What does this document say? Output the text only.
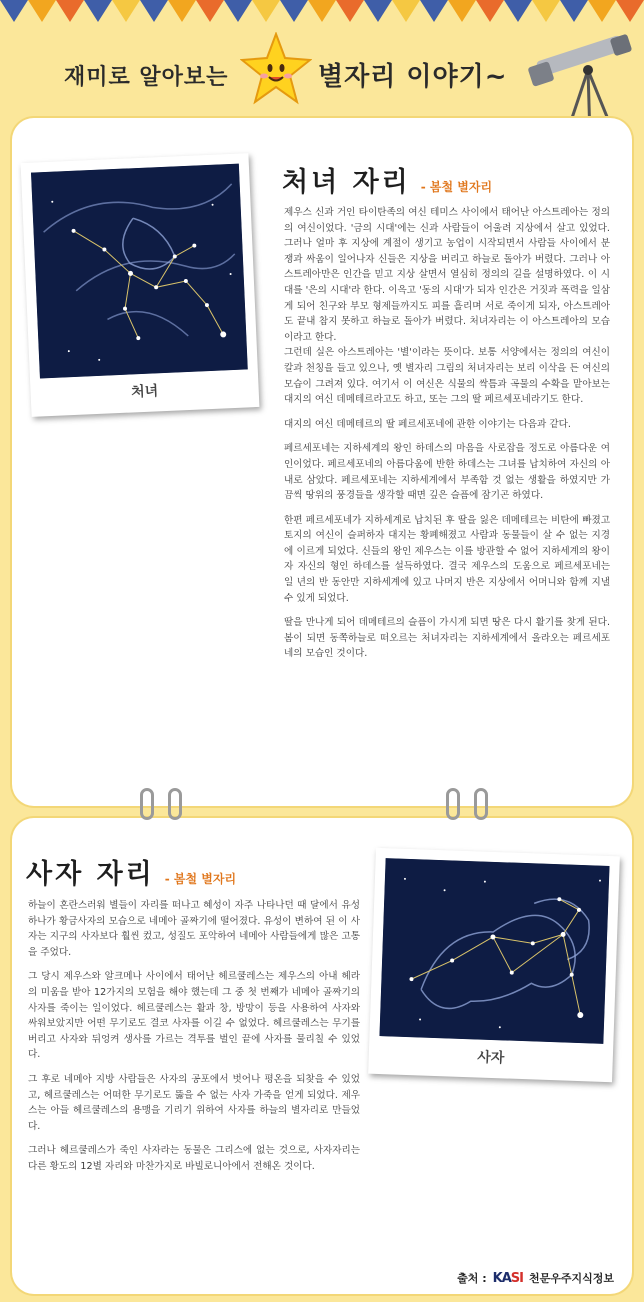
재미로 알아보는	별자리 이야기~
처녀
처녀 자리 - 봄철 별자리

제우스 신과 거인 타이탄족의 여신 테미스 사이에서 태어난 아스트레아는 정의의 여신이었다. '금의 시대'에는 신과 사람들이 어울려 지상에서 살고 있었다. 그러나 얼마 후 지상에 계절이 생기고 농업이 시작되면서 사람들 사이에서 분쟁과 싸움이 일어나자 신들은 지상을 버리고 하늘로 돌아가 버렸다. 그러나 아스트레아만은 인간을 믿고 지상 살면서 열심히 정의의 길을 설명하였다. 이 시대를 '은의 시대'라 한다. 이윽고 '동의 시대'가 되자 인간은 거짓과 폭력을 일삼게 되어 친구와 부모 형제들까지도 피를 흘리며 서로 죽이게 되자, 아스트레아도 끝내 참지 못하고 하늘로 돌아가 버렸다. 처녀자리는 이 아스트레아의 모습이라고 한다.

그런데 실은 아스트레아는 '별'이라는 뜻이다. 보통 서양에서는 정의의 여신이 칼과 천칭을 들고 있으나, 옛 별자리 그림의 처녀자리는 보리 이삭을 든 여신의 모습이 그려져 있다. 여기서 이 여신은 식물의 싹틈과 곡물의 수확을 맡아보는 대지의 여신 데메테르라고도 하고, 또는 그의 딸 페르세포네라기도 한다.

대지의 여신 데메테르의 딸 페르세포네에 관한 이야기는 다음과 같다.

페르세포네는 지하세계의 왕인 하데스의 마음을 사로잡을 정도로 아름다운 여인이었다. 페르세포네의 아름다움에 반한 하데스는 그녀를 납치하여 자신의 아내로 삼았다. 페르세포네는 지하세계에서 부족함 것 없는 생활을 하였지만 가끔씩 땅위의 풍경들을 생각할 때면 깊은 슬픔에 잠기곤 하였다.

한편 페르세포네가 지하세계로 납치된 후 딸을 잃은 데메테르는 비탄에 빠졌고 토지의 여신이 슬퍼하자 대지는 황폐해졌고 사람과 동물들이 살 수 없는 지경에 이르게 되었다. 신들의 왕인 제우스는 이를 방관할 수 없어 지하세계의 왕이자 자신의 형인 하데스를 설득하였다. 결국 제우스의 도움으로 페르세포네는 일 년의 반 동안만 지하세계에 있고 나머지 반은 지상에서 어머니와 함께 지낼 수 있게 되었다.

딸을 만나게 되어 데메테르의 슬픔이 가시게 되면 땅은 다시 활기를 찾게 된다. 봄이 되면 동쪽하늘로 떠오르는 처녀자리는 지하세계에서 올라오는 페르세포네의 모습인 것이다.

사자 자리 - 봄철 별자리

하늘이 혼란스러워 별들이 자리를 떠나고 혜성이 자주 나타나던 때 달에서 유성 하나가 황금사자의 모습으로 네메아 골짜기에 떨어졌다. 유성이 변하여 된 이 사자는 지구의 사자보다 훨씬 컸고, 성질도 포악하여 네메아 사람들에게 많은 고통을 주었다.

그 당시 제우스와 알크메나 사이에서 태어난 헤르쿨레스는 제우스의 아내 헤라의 미움을 받아 12가지의 모험을 해야 했는데 그 중 첫 번째가 네메아 골짜기의 사자를 죽이는 일이었다. 헤르쿨레스는 활과 창, 방망이 등을 사용하여 사자와 싸워보았지만 어떤 무기로도 결코 사자를 이길 수 없었다. 헤르쿨레스는 무기를 버리고 사자와 뒤엉켜 생사를 가르는 격투를 벌인 끝에 사자를 물리칠 수 있었다.

그 후로 네메아 지방 사람들은 사자의 공포에서 벗어나 평온을 되찾을 수 있었고, 헤르쿨레스는 어떠한 무기로도 뚫을 수 없는 사자 가죽을 얻게 되었다. 제우스는 아들 헤르쿨레스의 용맹을 기리기 위하여 사자를 하늘의 별자리로 만들었다.

그러나 헤르쿨레스가 죽인 사자라는 동물은 그리스에 없는 것으로, 사자자리는 다른 황도의 12별 자리와 마찬가지로 바빌로니아에서 전해온 것이다.

사자
출처 : KASI 천문우주지식정보
